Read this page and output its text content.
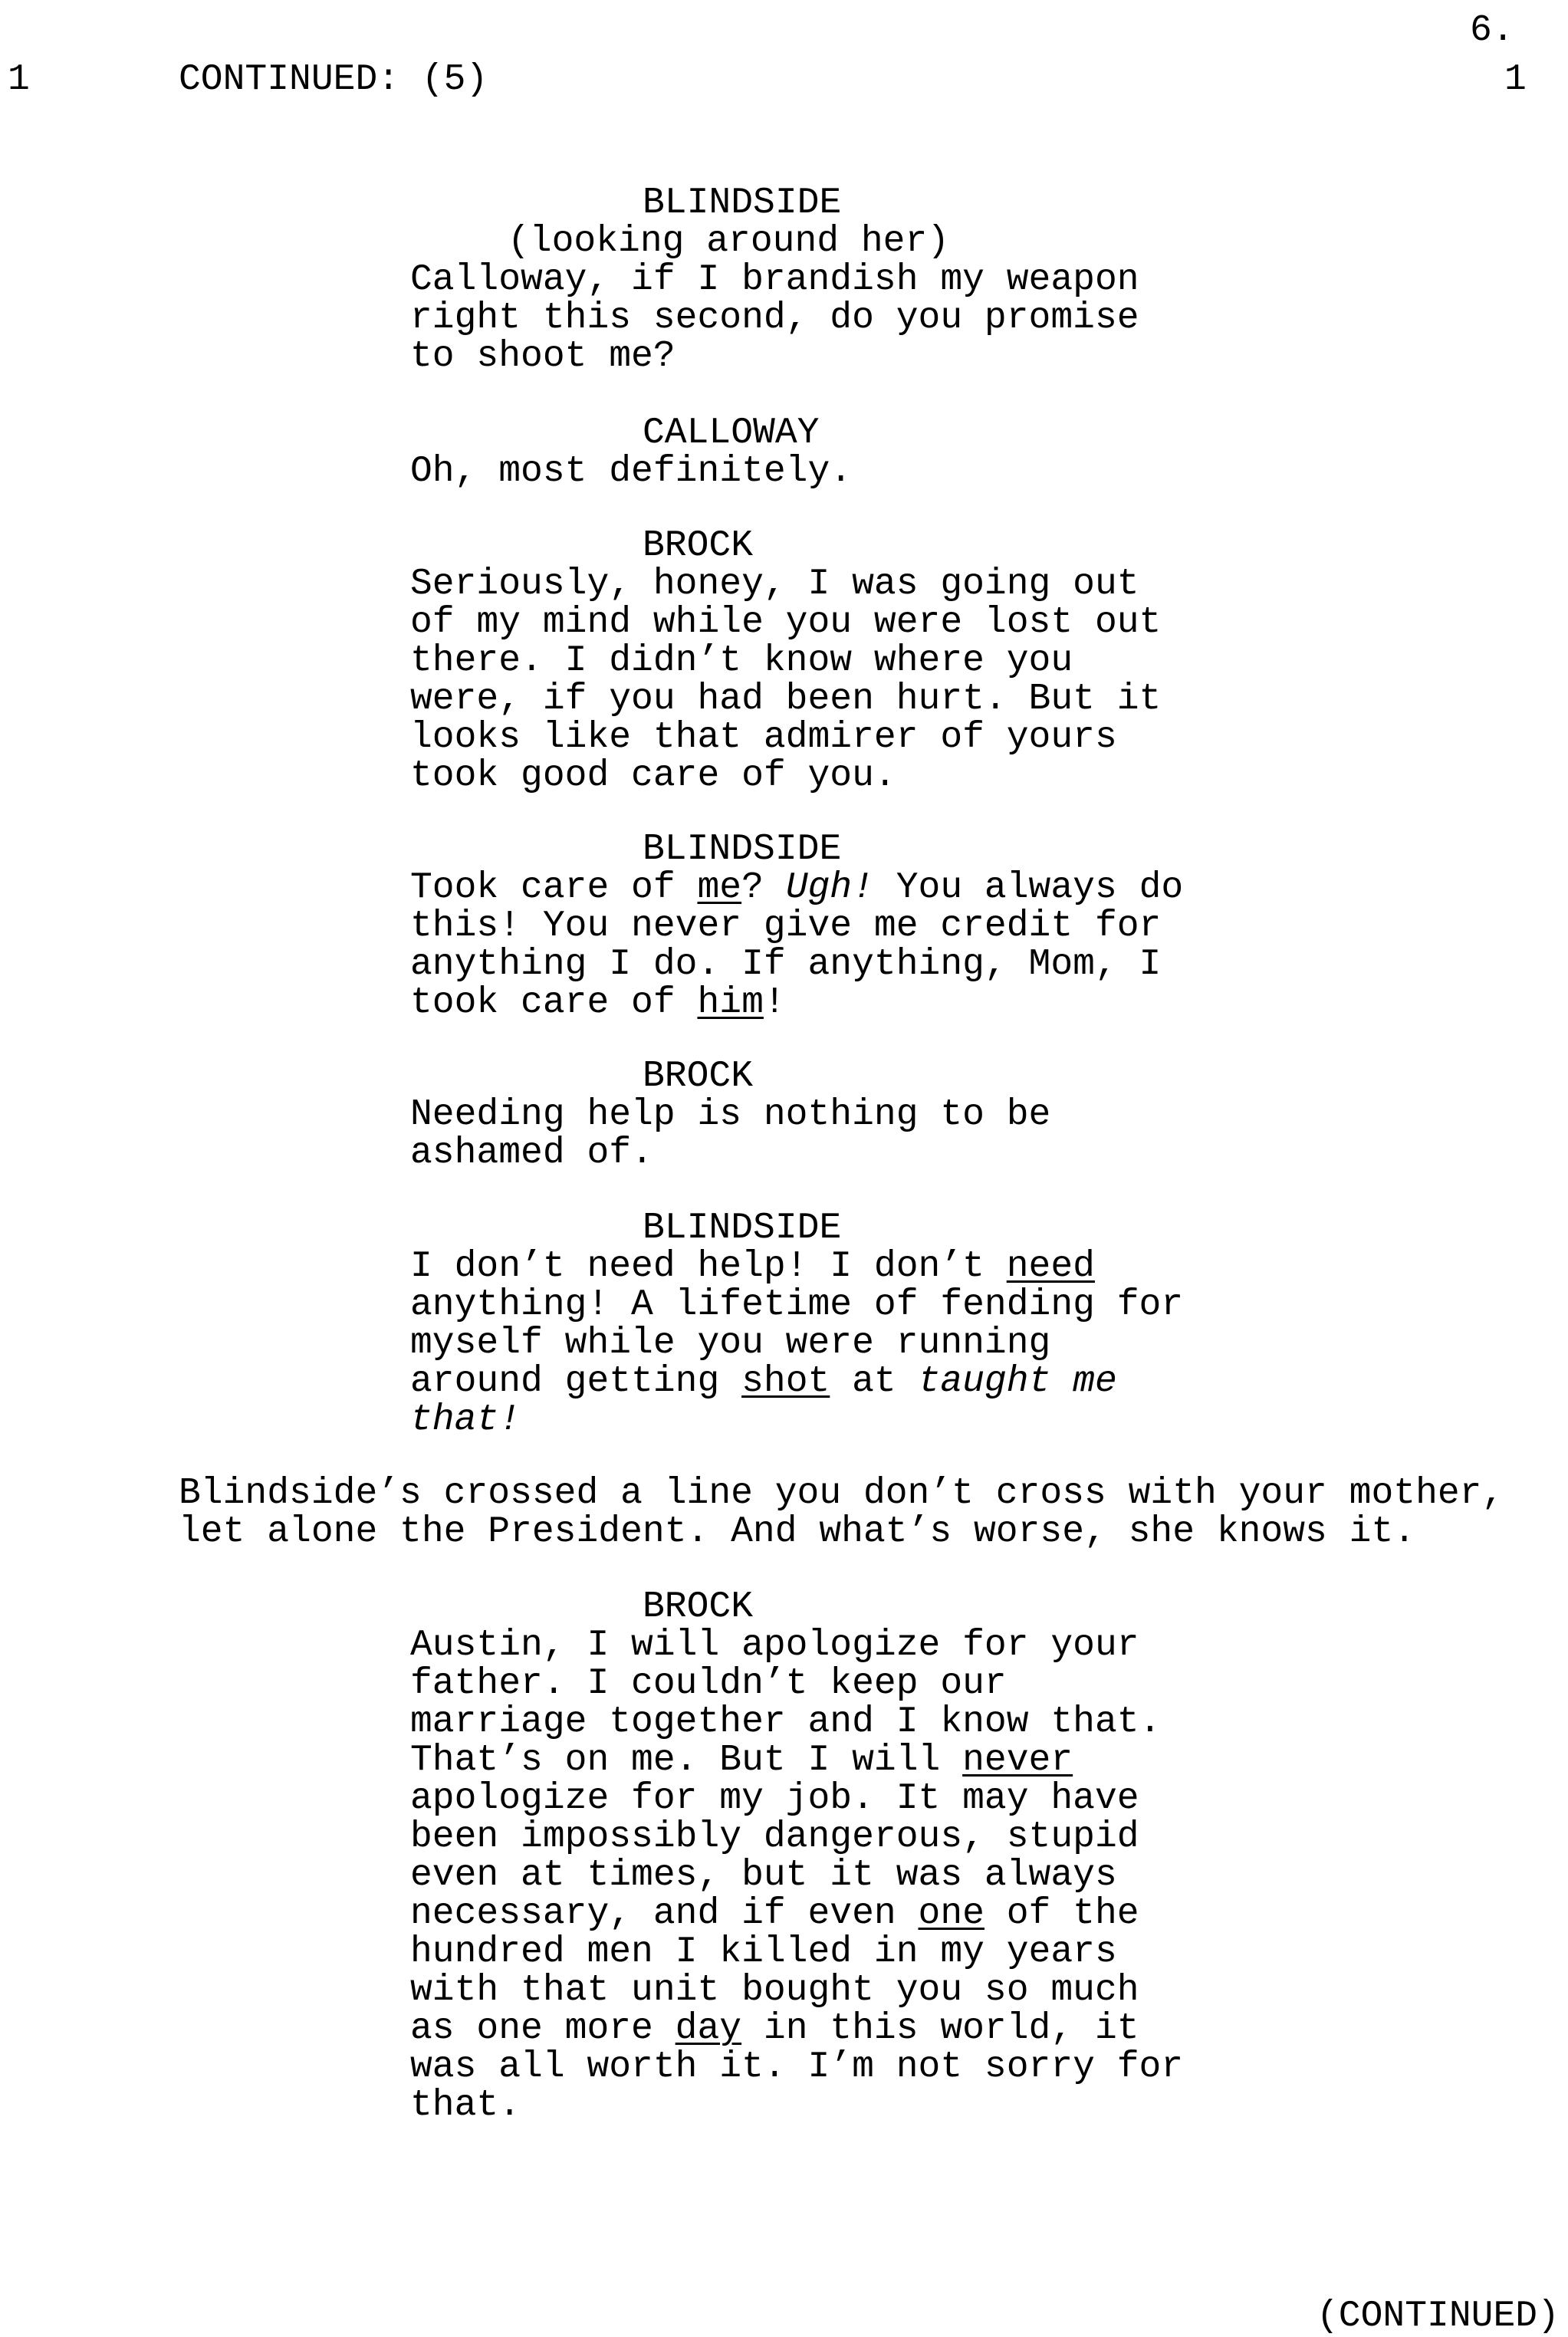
6.
1	CONTINUED: (5)	1
BLINDSIDE
(looking around her)
Calloway, if I brandish my weapon
right this second, do you promise
to shoot me?
CALLOWAY
Oh, most definitely.
BROCK
Seriously, honey, I was going out
of my mind while you were lost out
there. I didn’t know where you
were, if you had been hurt. But it
looks like that admirer of yours
took good care of you.
BLINDSIDE
Took care of me? Ugh! You always do
this! You never give me credit for
anything I do. If anything, Mom, I
took care of him!
BROCK
Needing help is nothing to be
ashamed of.
BLINDSIDE
I don’t need help! I don’t need
anything! A lifetime of fending for
myself while you were running
around getting shot at taught me
that!
Blindside’s crossed a line you don’t cross with your mother,
let alone the President. And what’s worse, she knows it.
BROCK
Austin, I will apologize for your
father. I couldn’t keep our
marriage together and I know that.
That’s on me. But I will never
apologize for my job. It may have
been impossibly dangerous, stupid
even at times, but it was always
necessary, and if even one of the
hundred men I killed in my years
with that unit bought you so much
as one more day in this world, it
was all worth it. I’m not sorry for
that.
(CONTINUED)
